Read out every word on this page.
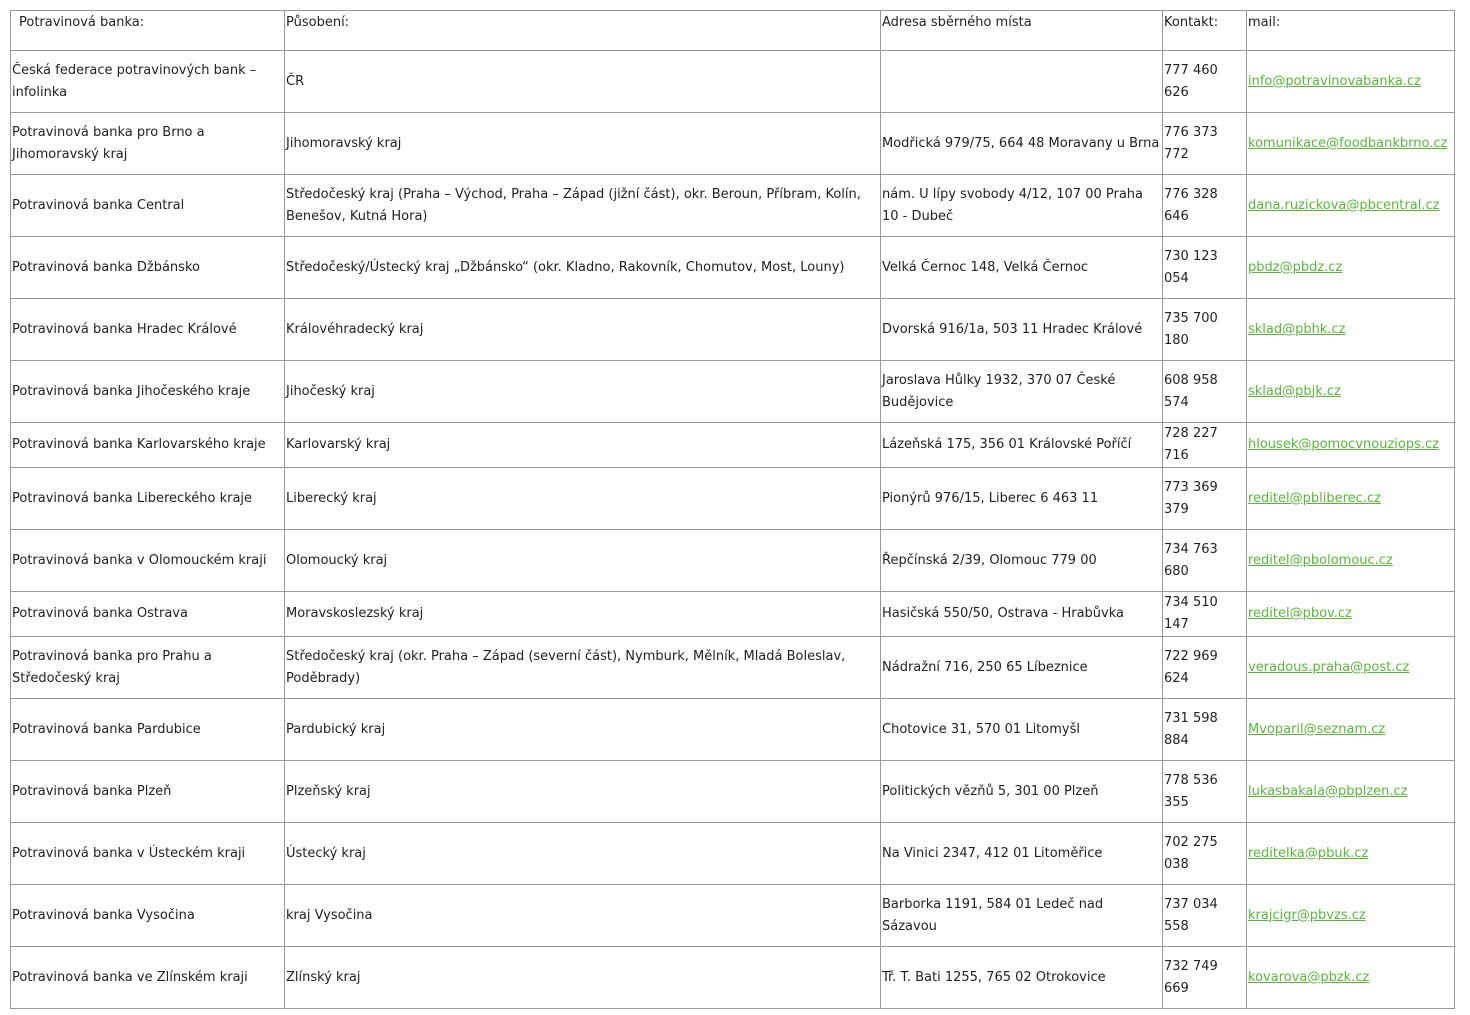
Potravinová banka:	Působení:	Adresa sběrného místa	Kontakt:	mail:
Česká federace potravinových bank – infolinka	ČR		777 460 626	info@potravinovabanka.cz
Potravinová banka pro Brno a Jihomoravský kraj	Jihomoravský kraj	Modřická 979/75, 664 48 Moravany u Brna	776 373 772	komunikace@foodbankbrno.cz
Potravinová banka Central	Středočeský kraj (Praha – Východ, Praha – Západ (jižní část), okr. Beroun, Příbram, Kolín, Benešov, Kutná Hora)	nám. U lípy svobody 4/12, 107 00 Praha 10 - Dubeč	776 328 646	dana.ruzickova@pbcentral.cz
Potravinová banka Džbánsko	Středočeský/Ústecký kraj „Džbánsko“ (okr. Kladno, Rakovník, Chomutov, Most, Louny)	Velká Černoc 148, Velká Černoc	730 123 054	pbdz@pbdz.cz
Potravinová banka Hradec Králové	Královéhradecký kraj	Dvorská 916/1a, 503 11 Hradec Králové	735 700 180	sklad@pbhk.cz
Potravinová banka Jihočeského kraje	Jihočeský kraj	Jaroslava Hůlky 1932, 370 07 České Budějovice	608 958 574	sklad@pbjk.cz
Potravinová banka Karlovarského kraje	Karlovarský kraj	Lázeňská 175, 356 01 Královské Poříčí	728 227 716	hlousek@pomocvnouziops.cz
Potravinová banka Libereckého kraje	Liberecký kraj	Pionýrů 976/15, Liberec 6 463 11	773 369 379	reditel@pbliberec.cz
Potravinová banka v Olomouckém kraji	Olomoucký kraj	Řepčínská 2/39, Olomouc 779 00	734 763 680	reditel@pbolomouc.cz
Potravinová banka Ostrava	Moravskoslezský kraj	Hasičská 550/50, Ostrava - Hrabůvka	734 510 147	reditel@pbov.cz
Potravinová banka pro Prahu a Středočeský kraj	Středočeský kraj (okr. Praha – Západ (severní část), Nymburk, Mělník, Mladá Boleslav, Poděbrady)	Nádražní 716, 250 65 Líbeznice	722 969 624	veradous.praha@post.cz
Potravinová banka Pardubice	Pardubický kraj	Chotovice 31, 570 01 Litomyšl	731 598 884	Mvoparil@seznam.cz
Potravinová banka Plzeň	Plzeňský kraj	Politických vězňů 5, 301 00 Plzeň	778 536 355	lukasbakala@pbplzen.cz
Potravinová banka v Ústeckém kraji	Ústecký kraj	Na Vinici 2347, 412 01 Litoměřice	702 275 038	reditelka@pbuk.cz
Potravinová banka Vysočina	kraj Vysočina	Barborka 1191, 584 01 Ledeč nad Sázavou	737 034 558	krajcigr@pbvzs.cz
Potravinová banka ve Zlínském kraji	Zlínský kraj	Tř. T. Bati 1255, 765 02 Otrokovice	732 749 669	kovarova@pbzk.cz
